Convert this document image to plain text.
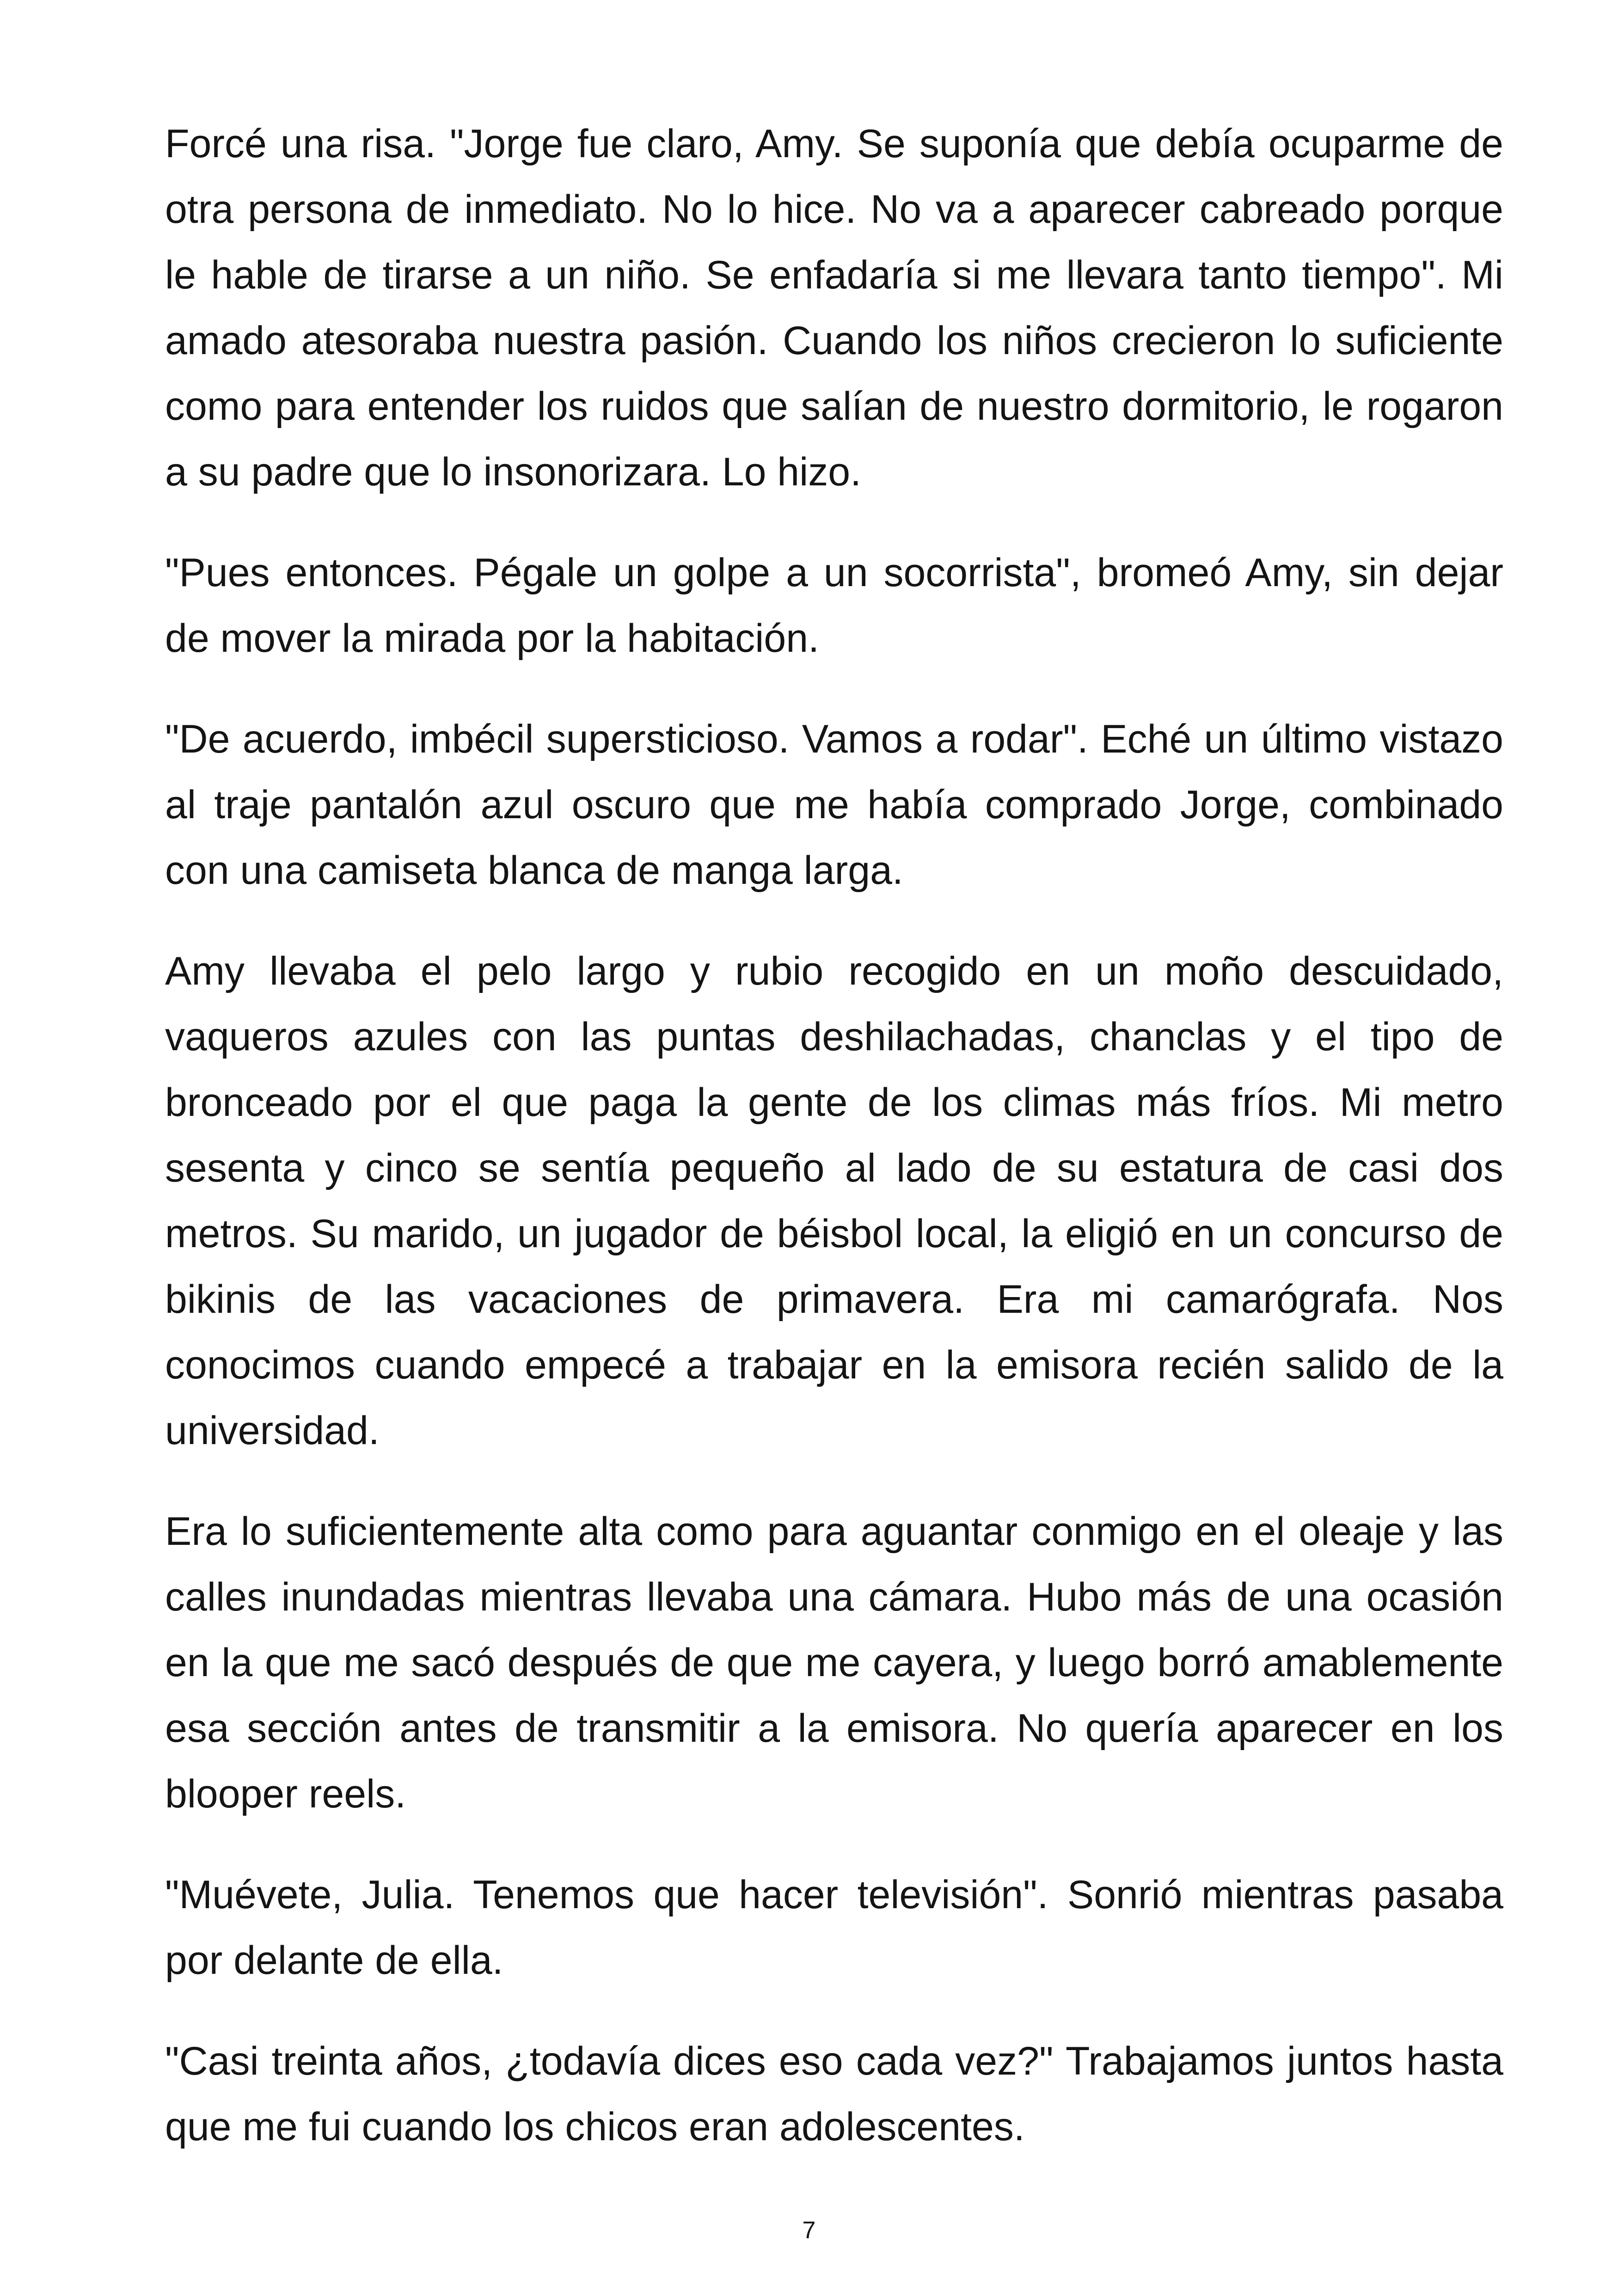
Forcé una risa. "Jorge fue claro, Amy. Se suponía que debía ocuparme de otra persona de inmediato. No lo hice. No va a aparecer cabreado porque le hable de tirarse a un niño. Se enfadaría si me llevara tanto tiempo". Mi amado atesoraba nuestra pasión. Cuando los niños crecieron lo suficiente como para entender los ruidos que salían de nuestro dormitorio, le rogaron a su padre que lo insonorizara. Lo hizo.

"Pues entonces. Pégale un golpe a un socorrista", bromeó Amy, sin dejar de mover la mirada por la habitación.

"De acuerdo, imbécil supersticioso. Vamos a rodar". Eché un último vistazo al traje pantalón azul oscuro que me había comprado Jorge, combinado con una camiseta blanca de manga larga.

Amy llevaba el pelo largo y rubio recogido en un moño descuidado, vaqueros azules con las puntas deshilachadas, chanclas y el tipo de bronceado por el que paga la gente de los climas más fríos. Mi metro sesenta y cinco se sentía pequeño al lado de su estatura de casi dos metros. Su marido, un jugador de béisbol local, la eligió en un concurso de bikinis de las vacaciones de primavera. Era mi camarógrafa. Nos conocimos cuando empecé a trabajar en la emisora recién salido de la universidad.

Era lo suficientemente alta como para aguantar conmigo en el oleaje y las calles inundadas mientras llevaba una cámara. Hubo más de una ocasión en la que me sacó después de que me cayera, y luego borró amablemente esa sección antes de transmitir a la emisora. No quería aparecer en los blooper reels.

"Muévete, Julia. Tenemos que hacer televisión". Sonrió mientras pasaba por delante de ella.

"Casi treinta años, ¿todavía dices eso cada vez?" Trabajamos juntos hasta que me fui cuando los chicos eran adolescentes.

7
